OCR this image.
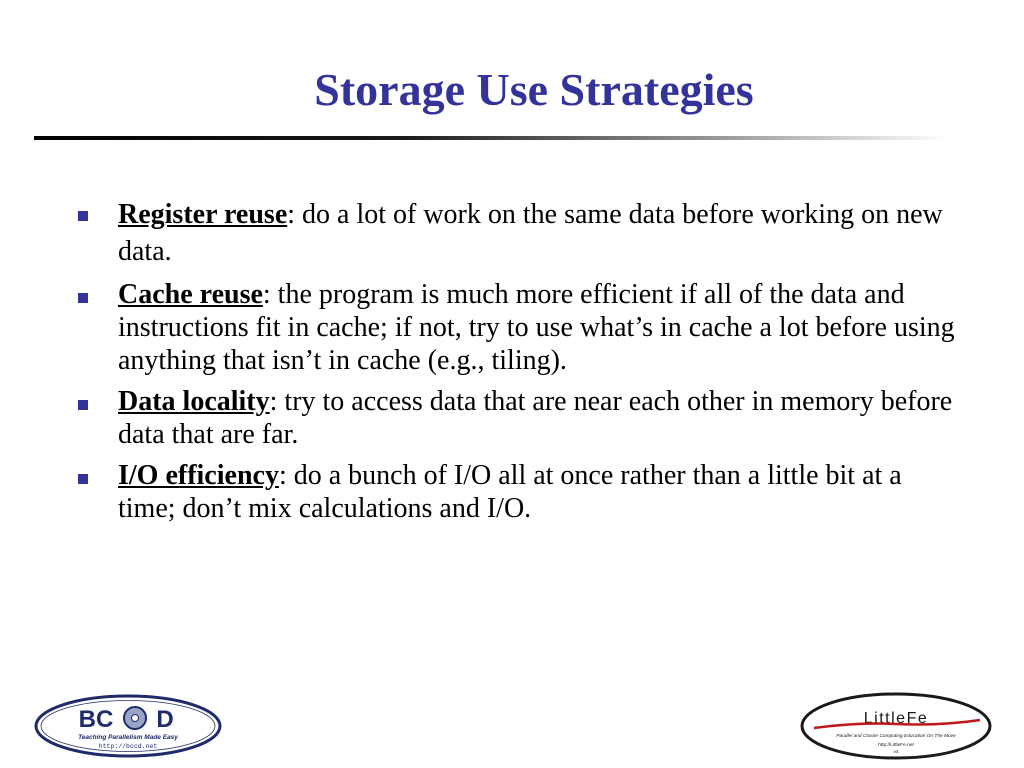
Storage Use Strategies
Register reuse: do a lot of work on the same data before working on new data.
Cache reuse: the program is much more efficient if all of the data and instructions fit in cache; if not, try to use what’s in cache a lot before using anything that isn’t in cache (e.g., tiling).
Data locality: try to access data that are near each other in memory before data that are far.
I/O efficiency: do a bunch of I/O all at once rather than a little bit at a time; don’t mix calculations and I/O.
BC D
Teaching Parallelism Made Easy
http://bccd.net
LittleFe
Parallel and Cluster Computing Education On The Move
http://LittleFe.net
v4
